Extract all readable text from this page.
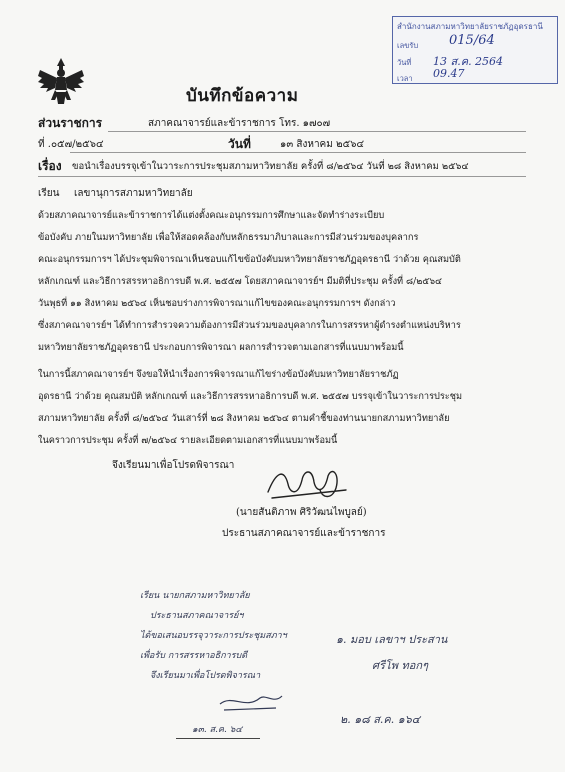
สำนักงานสภามหาวิทยาลัยราชภัฏอุดรธานี
เลขรับ 015/64
วันที่ 13 ส.ค. 2564
เวลา 09.47
บันทึกข้อความ
ส่วนราชการ	สภาคณาจารย์และข้าราชการ โทร. ๑๗๐๗
ที่ .๐๕๗/๒๕๖๔	วันที่	๑๓ สิงหาคม ๒๕๖๔
เรื่อง ขอนำเรื่องบรรจุเข้าในวาระการประชุมสภามหาวิทยาลัย ครั้งที่ ๘/๒๕๖๔ วันที่ ๒๘ สิงหาคม ๒๕๖๔
เรียน เลขานุการสภามหาวิทยาลัย

ด้วยสภาคณาจารย์และข้าราชการได้แต่งตั้งคณะอนุกรรมการศึกษาและจัดทำร่างระเบียบ

ข้อบังคับ ภายในมหาวิทยาลัย เพื่อให้สอดคล้องกับหลักธรรมาภิบาลและการมีส่วนร่วมของบุคลากร

คณะอนุกรรมการฯ ได้ประชุมพิจารณาเห็นชอบแก้ไขข้อบังคับมหาวิทยาลัยราชภัฏอุดรธานี ว่าด้วย คุณสมบัติ

หลักเกณฑ์ และวิธีการสรรหาอธิการบดี พ.ศ. ๒๕๕๗ โดยสภาคณาจารย์ฯ มีมติที่ประชุม ครั้งที่ ๘/๒๕๖๔

วันพุธที่ ๑๑ สิงหาคม ๒๕๖๔ เห็นชอบร่างการพิจารณาแก้ไขของคณะอนุกรรมการฯ ดังกล่าว

ซึ่งสภาคณาจารย์ฯ ได้ทำการสำรวจความต้องการมีส่วนร่วมของบุคลากรในการสรรหาผู้ดำรงตำแหน่งบริหาร

มหาวิทยาลัยราชภัฏอุดรธานี ประกอบการพิจารณา ผลการสำรวจตามเอกสารที่แนบมาพร้อมนี้

ในการนี้สภาคณาจารย์ฯ จึงขอให้นำเรื่องการพิจารณาแก้ไขร่างข้อบังคับมหาวิทยาลัยราชภัฏ

อุดรธานี ว่าด้วย คุณสมบัติ หลักเกณฑ์ และวิธีการสรรหาอธิการบดี พ.ศ. ๒๕๕๗ บรรจุเข้าในวาระการประชุม

สภามหาวิทยาลัย ครั้งที่ ๘/๒๕๖๔ วันเสาร์ที่ ๒๘ สิงหาคม ๒๕๖๔ ตามคำชี้ของท่านนายกสภามหาวิทยาลัย

ในคราวการประชุม ครั้งที่ ๗/๒๕๖๔ รายละเอียดตามเอกสารที่แนบมาพร้อมนี้

จึงเรียนมาเพื่อโปรดพิจารณา
(นายสันติภาพ ศิริวัฒนไพบูลย์)
ประธานสภาคณาจารย์และข้าราชการ
เรียน นายกสภามหาวิทยาลัย
ประธานสภาคณาจารย์ฯ
ได้ขอเสนอบรรจุวาระการประชุมสภาฯ
เพื่อรับ การสรรหาอธิการบดี
จึงเรียนมาเพื่อโปรดพิจารณา
๑๓. ส.ค. ๖๔
๑. มอบ เลขาฯ ประสาน
ศรีโพ ทอกๆ
๒. ๑๘ ส.ค. ๑๖๔
